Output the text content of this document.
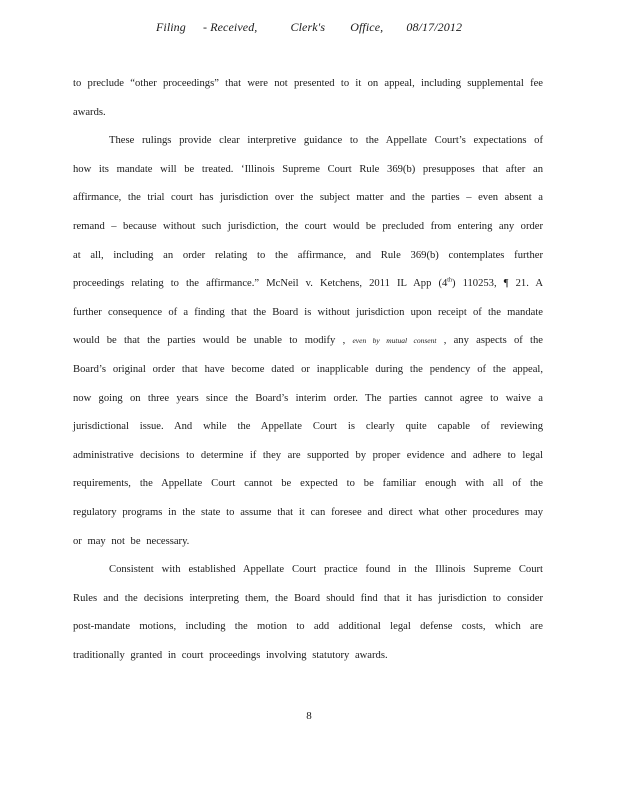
Filing - Received,	Clerk's Office, 08/17/2012

to preclude “other proceedings” that were not presented to it on appeal, including supplemental fee awards.

These rulings provide clear interpretive guidance to the Appellate Court’s expectations of how its mandate will be treated. ‘Illinois Supreme Court Rule 369(b) presupposes that after an affirmance, the trial court has jurisdiction over the subject matter and the parties – even absent a remand – because without such jurisdiction, the court would be precluded from entering any order at all, including an order relating to the affirmance, and Rule 369(b) contemplates further proceedings relating to the affirmance.” McNeil v. Ketchens, 2011 IL App (4th) 110253, ¶ 21. A further consequence of a finding that the Board is without jurisdiction upon receipt of the mandate would be that the parties would be unable to modify , even by mutual consent , any aspects of the Board’s original order that have become dated or inapplicable during the pendency of the appeal, now going on three years since the Board’s interim order. The parties cannot agree to waive a jurisdictional issue. And while the Appellate Court is clearly quite capable of reviewing administrative decisions to determine if they are supported by proper evidence and adhere to legal requirements, the Appellate Court cannot be expected to be familiar enough with all of the regulatory programs in the state to assume that it can foresee and direct what other procedures may or may not be necessary.

Consistent with established Appellate Court practice found in the Illinois Supreme Court Rules and the decisions interpreting them, the Board should find that it has jurisdiction to consider post-mandate motions, including the motion to add additional legal defense costs, which are traditionally granted in court proceedings involving statutory awards.

8
